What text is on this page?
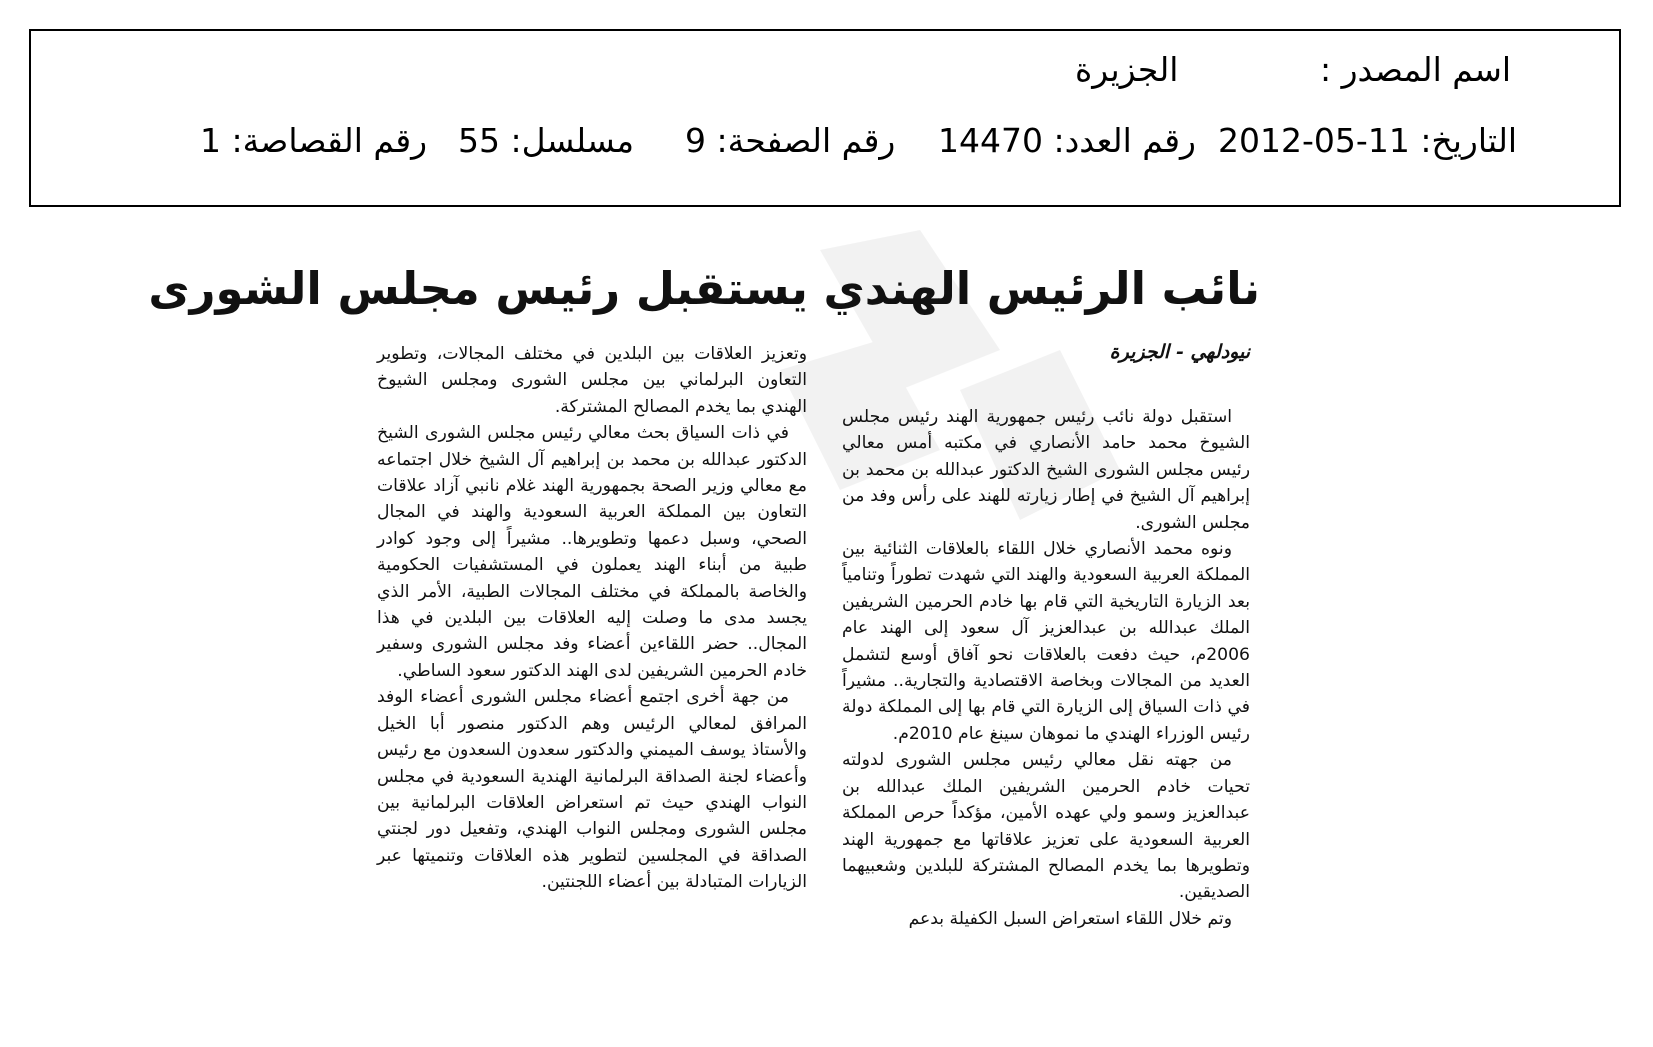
اسم المصدر :
الجزيرة
التاريخ: 11-05-2012
رقم العدد: 14470
رقم الصفحة: 9
مسلسل: 55
رقم القصاصة: 1
نائب الرئيس الهندي يستقبل رئيس مجلس الشورى
نيودلهي - الجزيرة

استقبل دولة نائب رئيس جمهورية الهند رئيس مجلس الشيوخ محمد حامد الأنصاري في مكتبه أمس معالي رئيس مجلس الشورى الشيخ الدكتور عبدالله بن محمد بن إبراهيم آل الشيخ في إطار زيارته للهند على رأس وفد من مجلس الشورى.

ونوه محمد الأنصاري خلال اللقاء بالعلاقات الثنائية بين المملكة العربية السعودية والهند التي شهدت تطوراً وتنامياً بعد الزيارة التاريخية التي قام بها خادم الحرمين الشريفين الملك عبدالله بن عبدالعزيز آل سعود إلى الهند عام 2006م، حيث دفعت بالعلاقات نحو آفاق أوسع لتشمل العديد من المجالات وبخاصة الاقتصادية والتجارية.. مشيراً في ذات السياق إلى الزيارة التي قام بها إلى المملكة دولة رئيس الوزراء الهندي ما نموهان سينغ عام 2010م.

من جهته نقل معالي رئيس مجلس الشورى لدولته تحيات خادم الحرمين الشريفين الملك عبدالله بن عبدالعزيز وسمو ولي عهده الأمين، مؤكداً حرص المملكة العربية السعودية على تعزيز علاقاتها مع جمهورية الهند وتطويرها بما يخدم المصالح المشتركة للبلدين وشعبيهما الصديقين.

وتم خلال اللقاء استعراض السبل الكفيلة بدعم

وتعزيز العلاقات بين البلدين في مختلف المجالات، وتطوير التعاون البرلماني بين مجلس الشورى ومجلس الشيوخ الهندي بما يخدم المصالح المشتركة.

في ذات السياق بحث معالي رئيس مجلس الشورى الشيخ الدكتور عبدالله بن محمد بن إبراهيم آل الشيخ خلال اجتماعه مع معالي وزير الصحة بجمهورية الهند غلام نانبي آزاد علاقات التعاون بين المملكة العربية السعودية والهند في المجال الصحي، وسبل دعمها وتطويرها.. مشيراً إلى وجود كوادر طبية من أبناء الهند يعملون في المستشفيات الحكومية والخاصة بالمملكة في مختلف المجالات الطبية، الأمر الذي يجسد مدى ما وصلت إليه العلاقات بين البلدين في هذا المجال.. حضر اللقاءين أعضاء وفد مجلس الشورى وسفير خادم الحرمين الشريفين لدى الهند الدكتور سعود الساطي.

من جهة أخرى اجتمع أعضاء مجلس الشورى أعضاء الوفد المرافق لمعالي الرئيس وهم الدكتور منصور أبا الخيل والأستاذ يوسف الميمني والدكتور سعدون السعدون مع رئيس وأعضاء لجنة الصداقة البرلمانية الهندية السعودية في مجلس النواب الهندي حيث تم استعراض العلاقات البرلمانية بين مجلس الشورى ومجلس النواب الهندي، وتفعيل دور لجنتي الصداقة في المجلسين لتطوير هذه العلاقات وتنميتها عبر الزيارات المتبادلة بين أعضاء اللجنتين.
